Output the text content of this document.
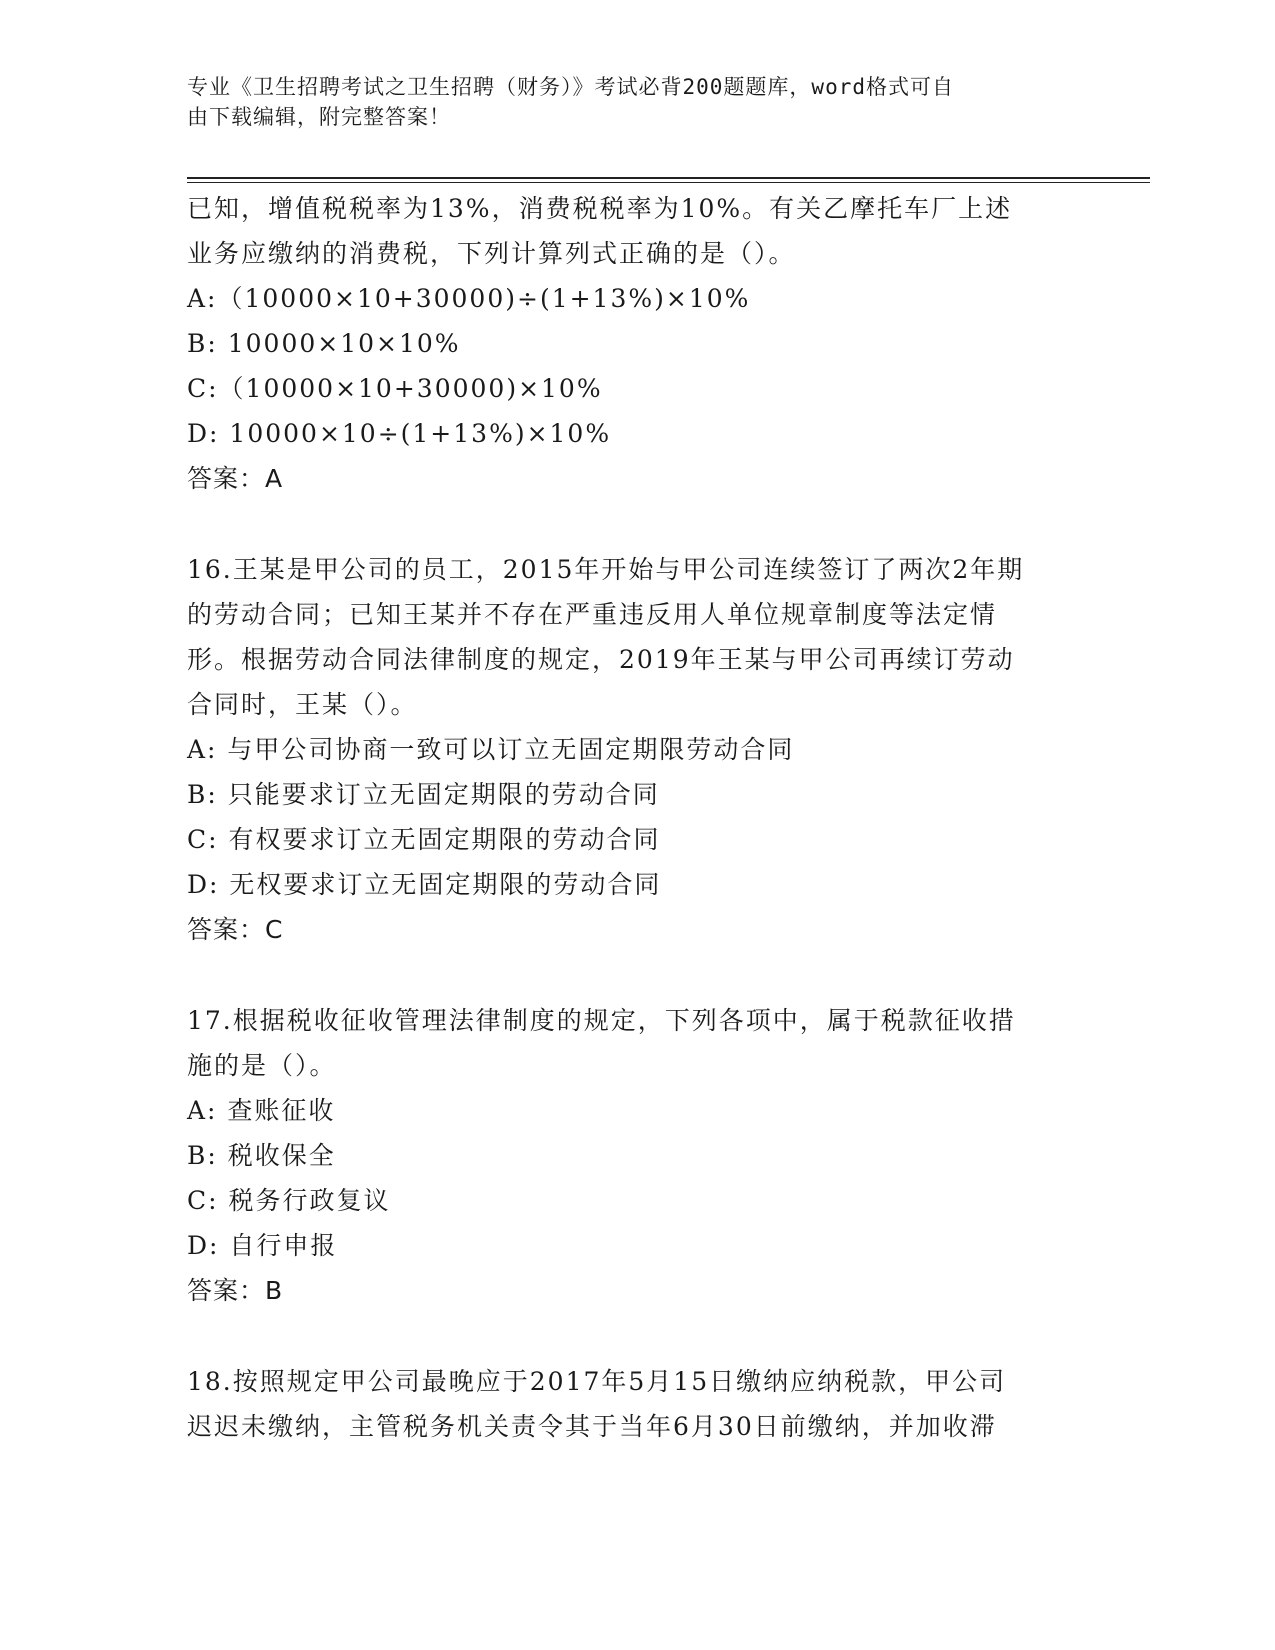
专业《卫生招聘考试之卫生招聘（财务）》考试必背200题题库，word格式可自
由下载编辑，附完整答案！
已知，增值税税率为13%，消费税税率为10%。有关乙摩托车厂上述
业务应缴纳的消费税，下列计算列式正确的是（）。
A:（10000×10+30000)÷(1+13%)×10%
B: 10000×10×10%
C:（10000×10+30000)×10%
D: 10000×10÷(1+13%)×10%
答案：A
16.王某是甲公司的员工，2015年开始与甲公司连续签订了两次2年期
的劳动合同；已知王某并不存在严重违反用人单位规章制度等法定情
形。根据劳动合同法律制度的规定，2019年王某与甲公司再续订劳动
合同时，王某（）。
A: 与甲公司协商一致可以订立无固定期限劳动合同
B: 只能要求订立无固定期限的劳动合同
C: 有权要求订立无固定期限的劳动合同
D: 无权要求订立无固定期限的劳动合同
答案：C
17.根据税收征收管理法律制度的规定，下列各项中，属于税款征收措
施的是（）。
A: 查账征收
B: 税收保全
C: 税务行政复议
D: 自行申报
答案：B
18.按照规定甲公司最晚应于2017年5月15日缴纳应纳税款，甲公司
迟迟未缴纳，主管税务机关责令其于当年6月30日前缴纳，并加收滞
